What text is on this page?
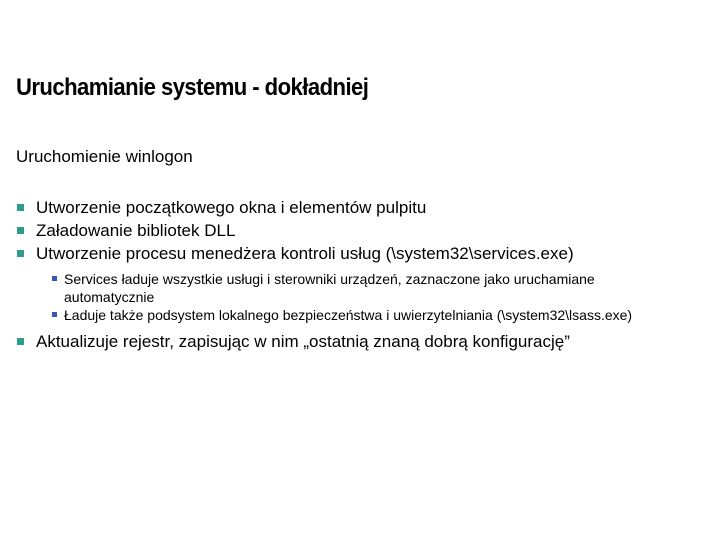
Uruchamianie systemu - dokładniej
Uruchomienie winlogon
Utworzenie początkowego okna i elementów pulpitu
Załadowanie bibliotek DLL
Utworzenie procesu menedżera kontroli usług (\system32\services.exe)
Services ładuje wszystkie usługi i sterowniki urządzeń, zaznaczone jako uruchamiane automatycznie
Ładuje także podsystem lokalnego bezpieczeństwa i uwierzytelniania (\system32\lsass.exe)
Aktualizuje rejestr, zapisując w nim „ostatnią znaną dobrą konfigurację”
